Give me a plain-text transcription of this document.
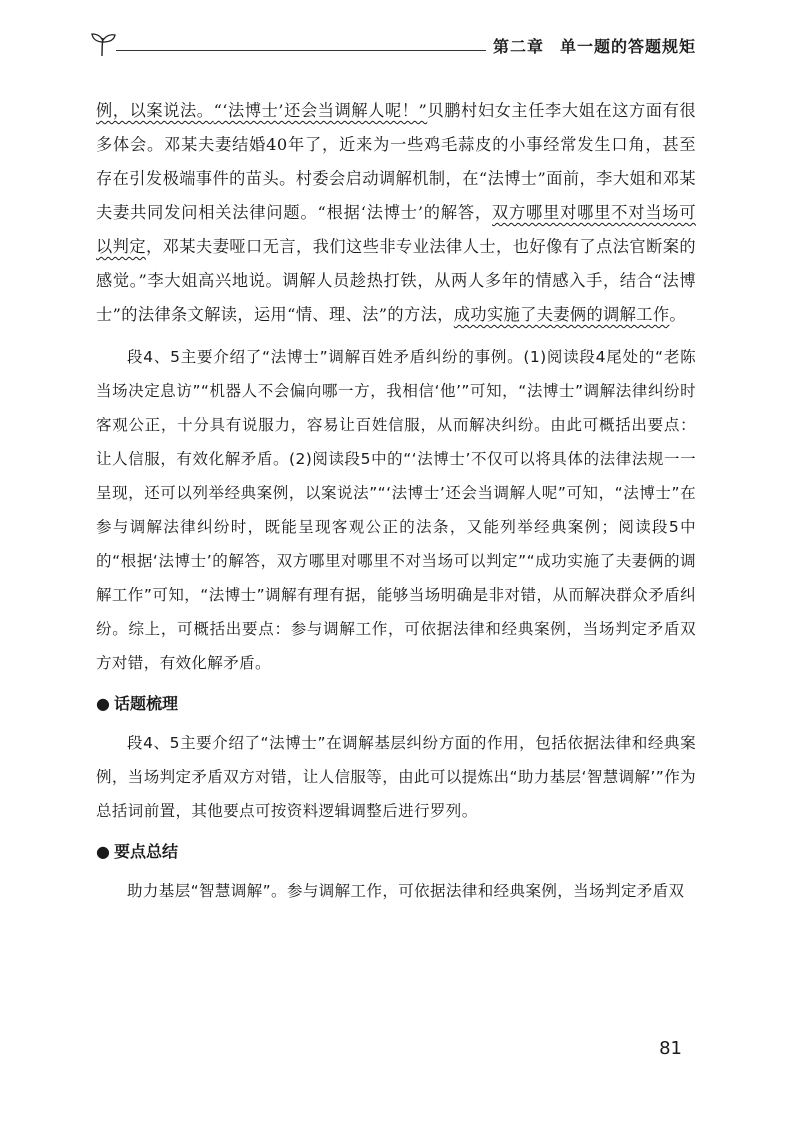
第二章 单一题的答题规矩

例，以案说法。“‘法博士’还会当调解人呢！”贝鹏村妇女主任李大姐在这方面有很多体会。邓某夫妻结婚40年了，近来为一些鸡毛蒜皮的小事经常发生口角，甚至存在引发极端事件的苗头。村委会启动调解机制，在“法博士”面前，李大姐和邓某夫妻共同发问相关法律问题。“根据‘法博士’的解答，双方哪里对哪里不对当场可以判定，邓某夫妻哑口无言，我们这些非专业法律人士，也好像有了点法官断案的感觉。”李大姐高兴地说。调解人员趁热打铁，从两人多年的情感入手，结合“法博士”的法律条文解读，运用“情、理、法”的方法，成功实施了夫妻俩的调解工作。

段4、5主要介绍了“法博士”调解百姓矛盾纠纷的事例。(1)阅读段4尾处的“老陈当场决定息访”“机器人不会偏向哪一方，我相信‘他’”可知，“法博士”调解法律纠纷时客观公正，十分具有说服力，容易让百姓信服，从而解决纠纷。由此可概括出要点：让人信服，有效化解矛盾。(2)阅读段5中的“‘法博士’不仅可以将具体的法律法规一一呈现，还可以列举经典案例，以案说法”“‘法博士’还会当调解人呢”可知，“法博士”在参与调解法律纠纷时，既能呈现客观公正的法条，又能列举经典案例；阅读段5中的“根据‘法博士’的解答，双方哪里对哪里不对当场可以判定”“成功实施了夫妻俩的调解工作”可知，“法博士”调解有理有据，能够当场明确是非对错，从而解决群众矛盾纠纷。综上，可概括出要点：参与调解工作，可依据法律和经典案例，当场判定矛盾双方对错，有效化解矛盾。

● 话题梳理

段4、5主要介绍了“法博士”在调解基层纠纷方面的作用，包括依据法律和经典案例，当场判定矛盾双方对错，让人信服等，由此可以提炼出“助力基层‘智慧调解’”作为总括词前置，其他要点可按资料逻辑调整后进行罗列。

● 要点总结

助力基层“智慧调解”。参与调解工作，可依据法律和经典案例，当场判定矛盾双

81
